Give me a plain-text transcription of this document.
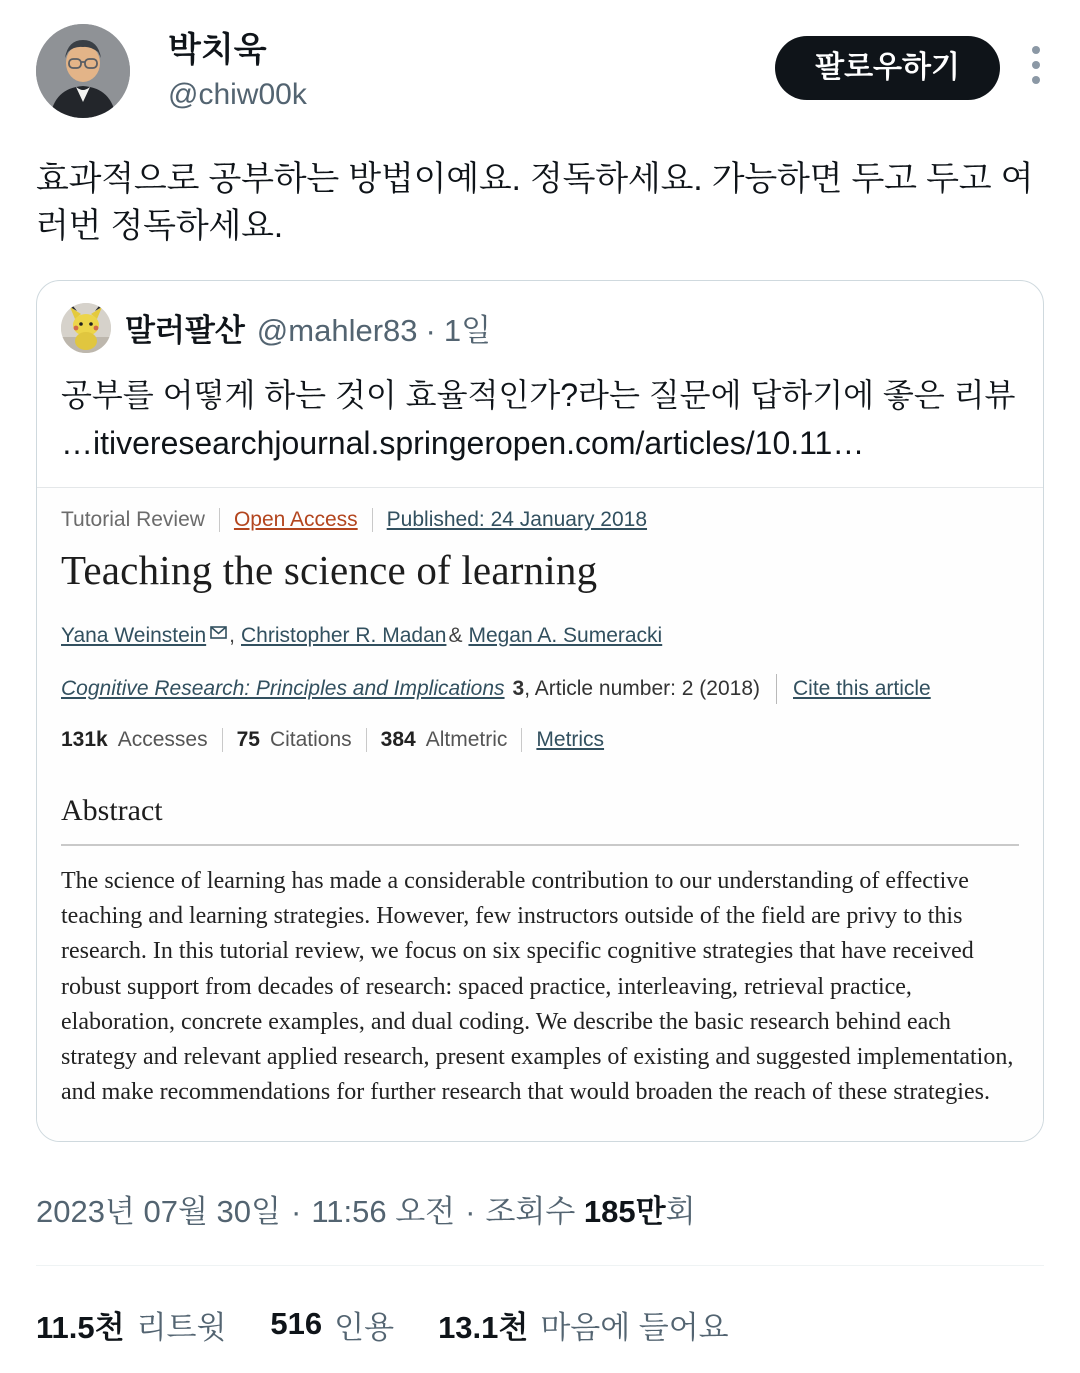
박치욱
@chiw00k
팔로우하기
효과적으로 공부하는 방법이예요. 정독하세요. 가능하면 두고 두고 여러번 정독하세요.
말러팔산 @mahler83 · 1일
공부를 어떻게 하는 것이 효율적인가?라는 질문에 답하기에 좋은 리뷰
…itiveresearchjournal.springeropen.com/articles/10.11…
Tutorial Review Open Access Published: 24 January 2018
Teaching the science of learning
Yana Weinstein , Christopher R. Madan & Megan A. Sumeracki
Cognitive Research: Principles and Implications 3 , Article number: 2 (2018) Cite this article
131k Accesses 75 Citations 384 Altmetric Metrics
Abstract

The science of learning has made a considerable contribution to our understanding of effective teaching and learning strategies. However, few instructors outside of the field are privy to this research. In this tutorial review, we focus on six specific cognitive strategies that have received robust support from decades of research: spaced practice, interleaving, retrieval practice, elaboration, concrete examples, and dual coding. We describe the basic research behind each strategy and relevant applied research, present examples of existing and suggested implementation, and make recommendations for further research that would broaden the reach of these strategies.

2023년 07월 30일 · 11:56 오전 · 조회수 185만회
11.5천 리트윗 516 인용 13.1천 마음에 들어요
